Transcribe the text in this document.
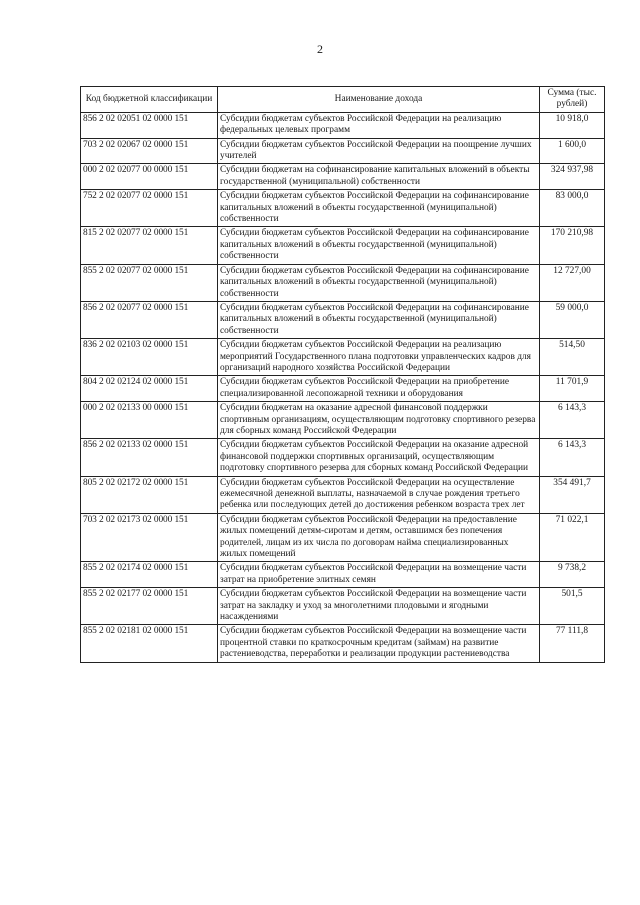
2
Код бюджетной классификации	Наименование дохода	Сумма (тыс. рублей)
856 2 02 02051 02 0000 151	Субсидии бюджетам субъектов Российской Федерации на реализацию федеральных целевых программ	10 918,0
703 2 02 02067 02 0000 151	Субсидии бюджетам субъектов Российской Федерации на поощрение лучших учителей	1 600,0
000 2 02 02077 00 0000 151	Субсидии бюджетам на софинансирование капитальных вложений в объекты государственной (муниципальной) собственности	324 937,98
752 2 02 02077 02 0000 151	Субсидии бюджетам субъектов Российской Федерации на софинансирование капитальных вложений в объекты государственной (муниципальной) собственности	83 000,0
815 2 02 02077 02 0000 151	Субсидии бюджетам субъектов Российской Федерации на софинансирование капитальных вложений в объекты государственной (муниципальной) собственности	170 210,98
855 2 02 02077 02 0000 151	Субсидии бюджетам субъектов Российской Федерации на софинансирование капитальных вложений в объекты государственной (муниципальной) собственности	12 727,00
856 2 02 02077 02 0000 151	Субсидии бюджетам субъектов Российской Федерации на софинансирование капитальных вложений в объекты государственной (муниципальной) собственности	59 000,0
836 2 02 02103 02 0000 151	Субсидии бюджетам субъектов Российской Федерации на реализацию мероприятий Государственного плана подготовки управленческих кадров для организаций народного хозяйства Российской Федерации	514,50
804 2 02 02124 02 0000 151	Субсидии бюджетам субъектов Российской Федерации на приобретение специализированной лесопожарной техники и оборудования	11 701,9
000 2 02 02133 00 0000 151	Субсидии бюджетам на оказание адресной финансовой поддержки спортивным организациям, осуществляющим подготовку спортивного резерва для сборных команд Российской Федерации	6 143,3
856 2 02 02133 02 0000 151	Субсидии бюджетам субъектов Российской Федерации на оказание адресной финансовой поддержки спортивных организаций, осуществляющим подготовку спортивного резерва для сборных команд Российской Федерации	6 143,3
805 2 02 02172 02 0000 151	Субсидии бюджетам субъектов Российской Федерации на осуществление ежемесячной денежной выплаты, назначаемой в случае рождения третьего ребенка или последующих детей до достижения ребенком возраста трех лет	354 491,7
703 2 02 02173 02 0000 151	Субсидии бюджетам субъектов Российской Федерации на предоставление жилых помещений детям-сиротам и детям, оставшимся без попечения родителей, лицам из их числа по договорам найма специализированных жилых помещений	71 022,1
855 2 02 02174 02 0000 151	Субсидии бюджетам субъектов Российской Федерации на возмещение части затрат на приобретение элитных семян	9 738,2
855 2 02 02177 02 0000 151	Субсидии бюджетам субъектов Российской Федерации на возмещение части затрат на закладку и уход за многолетними плодовыми и ягодными насаждениями	501,5
855 2 02 02181 02 0000 151	Субсидии бюджетам субъектов Российской Федерации на возмещение части процентной ставки по краткосрочным кредитам (займам) на развитие растениеводства, переработки и реализации продукции растениеводства	77 111,8
